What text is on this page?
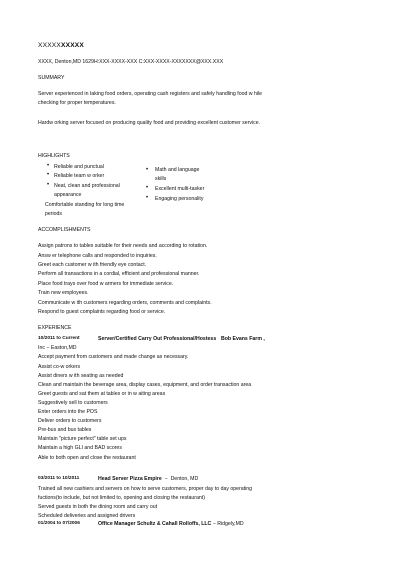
XXXXXXXXXX
XXXX, Denton,MD 1629H:XXX-XXXX-XXX C:XXX-XXXX-XXXXXXX@XXX.XXX
SUMMARY
Server experienced in taking food orders, operating cash registers and safely handling food w hile
checking for proper temperatures.
Hardw orking server focused on producing quality food and providing excellent customer service.
HIGHLIGHTS
• Reliable and punctual
• Reliable team w orker
• Neat, clean and professional
appearance
Comfortable standing for long time
periods
• Math and language
skills
• Excellent multi-tasker
• Engaging personality
ACCOMPLISHMENTS
Assign patrons to tables suitable for their needs and according to rotation.
Answ er telephone calls and responded to inquiries.
Greet each customer w ith friendly eye contact.
Perform all transactions in a cordial, efficient and professional manner.
Place food trays over food w armers for immediate service.
Train new employees.
Communicate w ith customers regarding orders, comments and complaints.
Respond to guest complaints regarding food or service.
EXPERIENCE
10/2011 to Current	Server/Certified Carry Out Professional/Hostess Bob Evans Farm ,
Inc − Easton,MD
Accept payment from customers and made change as necessary.
Assist co-w orkers
Assist diners w ith seating as needed
Clean and maintain the beverage area, display cases, equipment, and order transaction area
Greet guests and sat them at tables or in w aiting areas
Suggestively sell to customers
Enter orders into the POS
Deliver orders to customers
Pre-bus and bus tables
Maintain "picture perfect" table set ups
Maintain a high GLI and BAD scores
Able to both open and close the restaurant
03/2011 to 10/2011	Head Server Pizza Empire − Denton, MD
Trained all new cashiers and servers on how to serve customers, proper day to day operating
fuctions(to include, but not limited to, opening and closing the restaurant)
Served guests in both the dining room and carry out
Scheduled deliveries and assigned drivers
01/2004 to 07/2006	Office Manager Schultz & Cahall Rolloffs, LLC − Ridgely,MD
